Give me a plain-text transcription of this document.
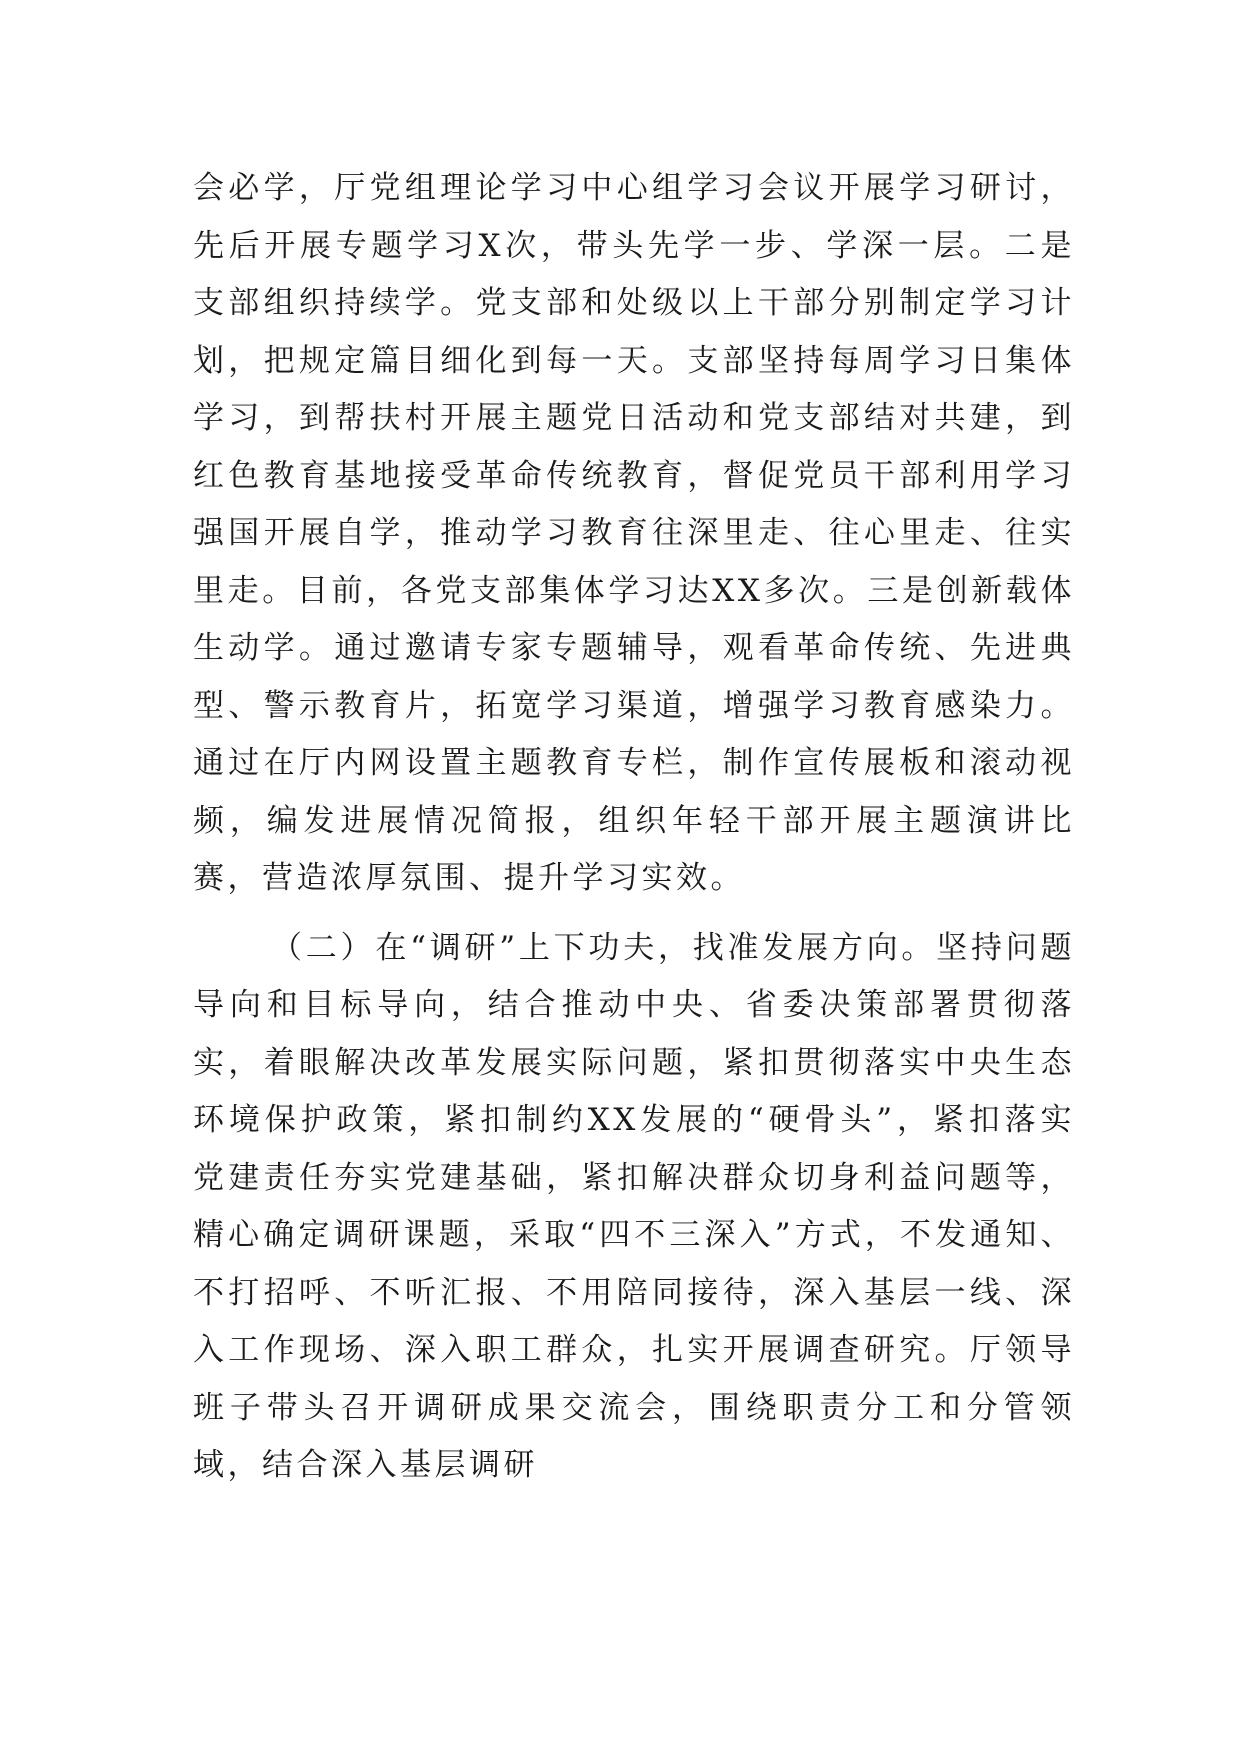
会必学，厅党组理论学习中心组学习会议开展学习研讨，先后开展专题学习X次，带头先学一步、学深一层。二是支部组织持续学。党支部和处级以上干部分别制定学习计划，把规定篇目细化到每一天。支部坚持每周学习日集体学习，到帮扶村开展主题党日活动和党支部结对共建，到红色教育基地接受革命传统教育，督促党员干部利用学习强国开展自学，推动学习教育往深里走、往心里走、往实里走。目前，各党支部集体学习达XX多次。三是创新载体生动学。通过邀请专家专题辅导，观看革命传统、先进典型、警示教育片，拓宽学习渠道，增强学习教育感染力。通过在厅内网设置主题教育专栏，制作宣传展板和滚动视频，编发进展情况简报，组织年轻干部开展主题演讲比赛，营造浓厚氛围、提升学习实效。

（二）在“调研”上下功夫，找准发展方向。坚持问题导向和目标导向，结合推动中央、省委决策部署贯彻落实，着眼解决改革发展实际问题，紧扣贯彻落实中央生态环境保护政策，紧扣制约XX发展的“硬骨头”，紧扣落实党建责任夯实党建基础，紧扣解决群众切身利益问题等，精心确定调研课题，采取“四不三深入”方式，不发通知、不打招呼、不听汇报、不用陪同接待，深入基层一线、深入工作现场、深入职工群众，扎实开展调查研究。厅领导班子带头召开调研成果交流会，围绕职责分工和分管领域，结合深入基层调研
